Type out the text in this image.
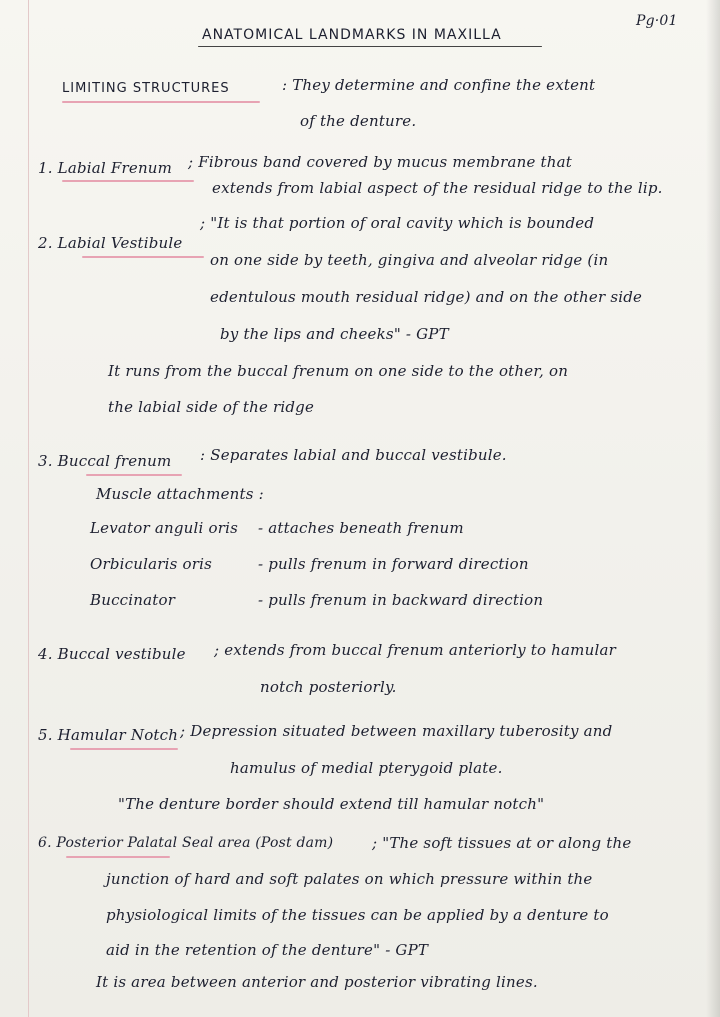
ANATOMICAL LANDMARKS IN MAXILLA
Pg·01
LIMITING STRUCTURES	: They determine and confine the extent
of the denture.
1. Labial Frenum ; Fibrous band covered by mucus membrane that
extends from labial aspect of the residual ridge to the lip.
2. Labial Vestibule
; "It is that portion of oral cavity which is bounded
on one side by teeth, gingiva and alveolar ridge (in
edentulous mouth residual ridge) and on the other side
by the lips and cheeks" - GPT
It runs from the buccal frenum on one side to the other, on
the labial side of the ridge
3. Buccal frenum : Separates labial and buccal vestibule.
Muscle attachments :
Levator anguli oris - attaches beneath frenum
Orbicularis oris	- pulls frenum in forward direction
Buccinator	- pulls frenum in backward direction
4. Buccal vestibule ; extends from buccal frenum anteriorly to hamular
notch posteriorly.
5. Hamular Notch ; Depression situated between maxillary tuberosity and
hamulus of medial pterygoid plate.
"The denture border should extend till hamular notch"
6. Posterior Palatal Seal area (Post dam)	; "The soft tissues at or along the
junction of hard and soft palates on which pressure within the
physiological limits of the tissues can be applied by a denture to
aid in the retention of the denture" - GPT
It is area between anterior and posterior vibrating lines.
